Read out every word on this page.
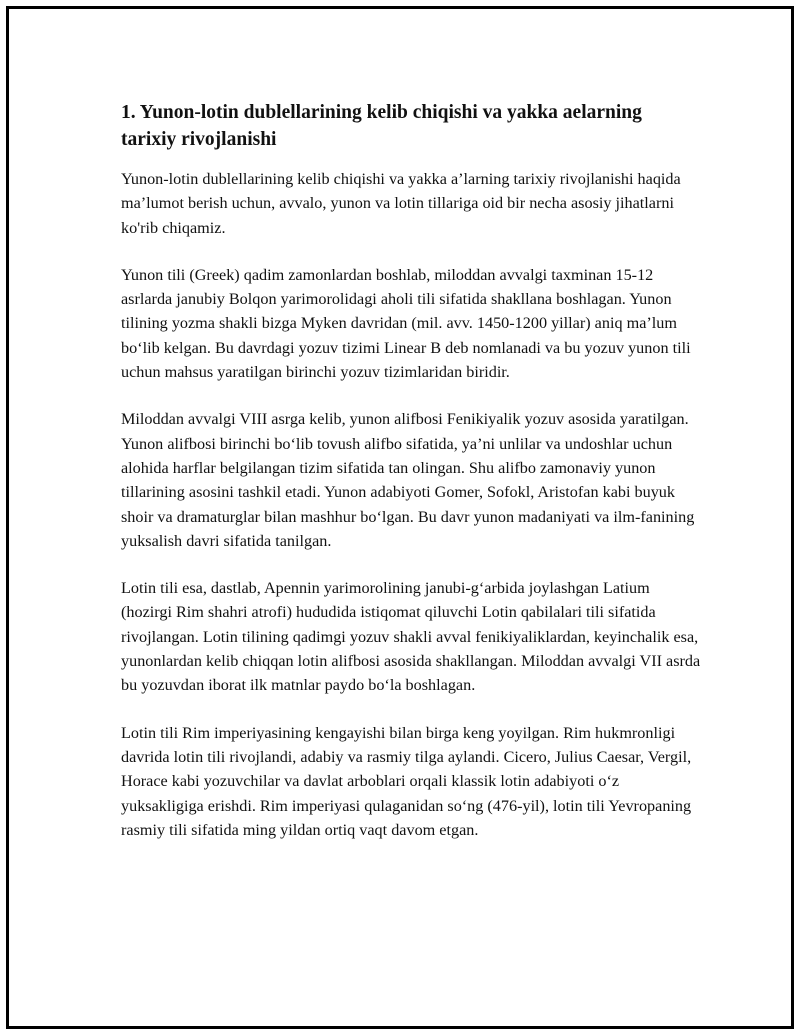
1. Yunon-lotin dublellarining kelib chiqishi va yakka aelarning tarixiy rivojlanishi

Yunon-lotin dublellarining kelib chiqishi va yakka a’larning tarixiy rivojlanishi haqida ma’lumot berish uchun, avvalo, yunon va lotin tillariga oid bir necha asosiy jihatlarni ko'rib chiqamiz.

Yunon tili (Greek) qadim zamonlardan boshlab, miloddan avvalgi taxminan 15-12 asrlarda janubiy Bolqon yarimorolidagi aholi tili sifatida shakllana boshlagan. Yunon tilining yozma shakli bizga Myken davridan (mil. avv. 1450-1200 yillar) aniq ma’lum bo‘lib kelgan. Bu davrdagi yozuv tizimi Linear B deb nomlanadi va bu yozuv yunon tili uchun mahsus yaratilgan birinchi yozuv tizimlaridan biridir.

Miloddan avvalgi VIII asrga kelib, yunon alifbosi Fenikiyalik yozuv asosida yaratilgan. Yunon alifbosi birinchi bo‘lib tovush alifbo sifatida, ya’ni unlilar va undoshlar uchun alohida harflar belgilangan tizim sifatida tan olingan. Shu alifbo zamonaviy yunon tillarining asosini tashkil etadi. Yunon adabiyoti Gomer, Sofokl, Aristofan kabi buyuk shoir va dramaturglar bilan mashhur bo‘lgan. Bu davr yunon madaniyati va ilm-fanining yuksalish davri sifatida tanilgan.

Lotin tili esa, dastlab, Apennin yarimorolining janubi-g‘arbida joylashgan Latium (hozirgi Rim shahri atrofi) hududida istiqomat qiluvchi Lotin qabilalari tili sifatida rivojlangan. Lotin tilining qadimgi yozuv shakli avval fenikiyaliklardan, keyinchalik esa, yunonlardan kelib chiqqan lotin alifbosi asosida shakllangan. Miloddan avvalgi VII asrda bu yozuvdan iborat ilk matnlar paydo bo‘la boshlagan.

Lotin tili Rim imperiyasining kengayishi bilan birga keng yoyilgan. Rim hukmronligi davrida lotin tili rivojlandi, adabiy va rasmiy tilga aylandi. Cicero, Julius Caesar, Vergil, Horace kabi yozuvchilar va davlat arboblari orqali klassik lotin adabiyoti o‘z yuksakligiga erishdi. Rim imperiyasi qulaganidan so‘ng (476-yil), lotin tili Yevropaning rasmiy tili sifatida ming yildan ortiq vaqt davom etgan.
